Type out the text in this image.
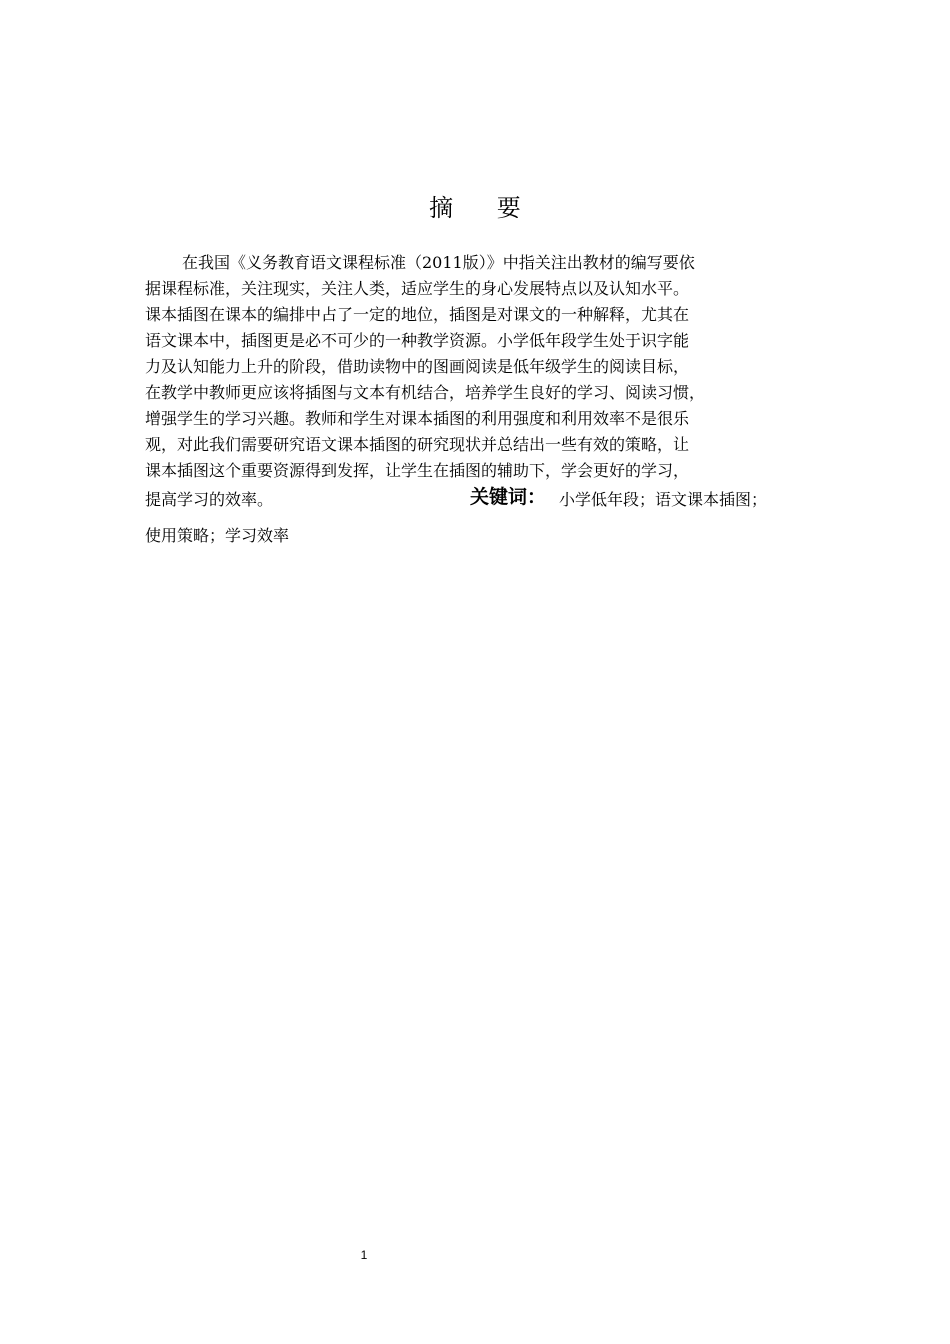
摘 要
在我国《义务教育语文课程标准（2011版）》中指关注出教材的编写要依
据课程标准，关注现实，关注人类，适应学生的身心发展特点以及认知水平。
课本插图在课本的编排中占了一定的地位，插图是对课文的一种解释，尤其在
语文课本中，插图更是必不可少的一种教学资源。小学低年段学生处于识字能
力及认知能力上升的阶段，借助读物中的图画阅读是低年级学生的阅读目标，
在教学中教师更应该将插图与文本有机结合，培养学生良好的学习、阅读习惯，
增强学生的学习兴趣。教师和学生对课本插图的利用强度和利用效率不是很乐
观，对此我们需要研究语文课本插图的研究现状并总结出一些有效的策略，让
课本插图这个重要资源得到发挥，让学生在插图的辅助下，学会更好的学习，
提高学习的效率。	关键词： 小学低年段；语文课本插图；
使用策略；学习效率
1
